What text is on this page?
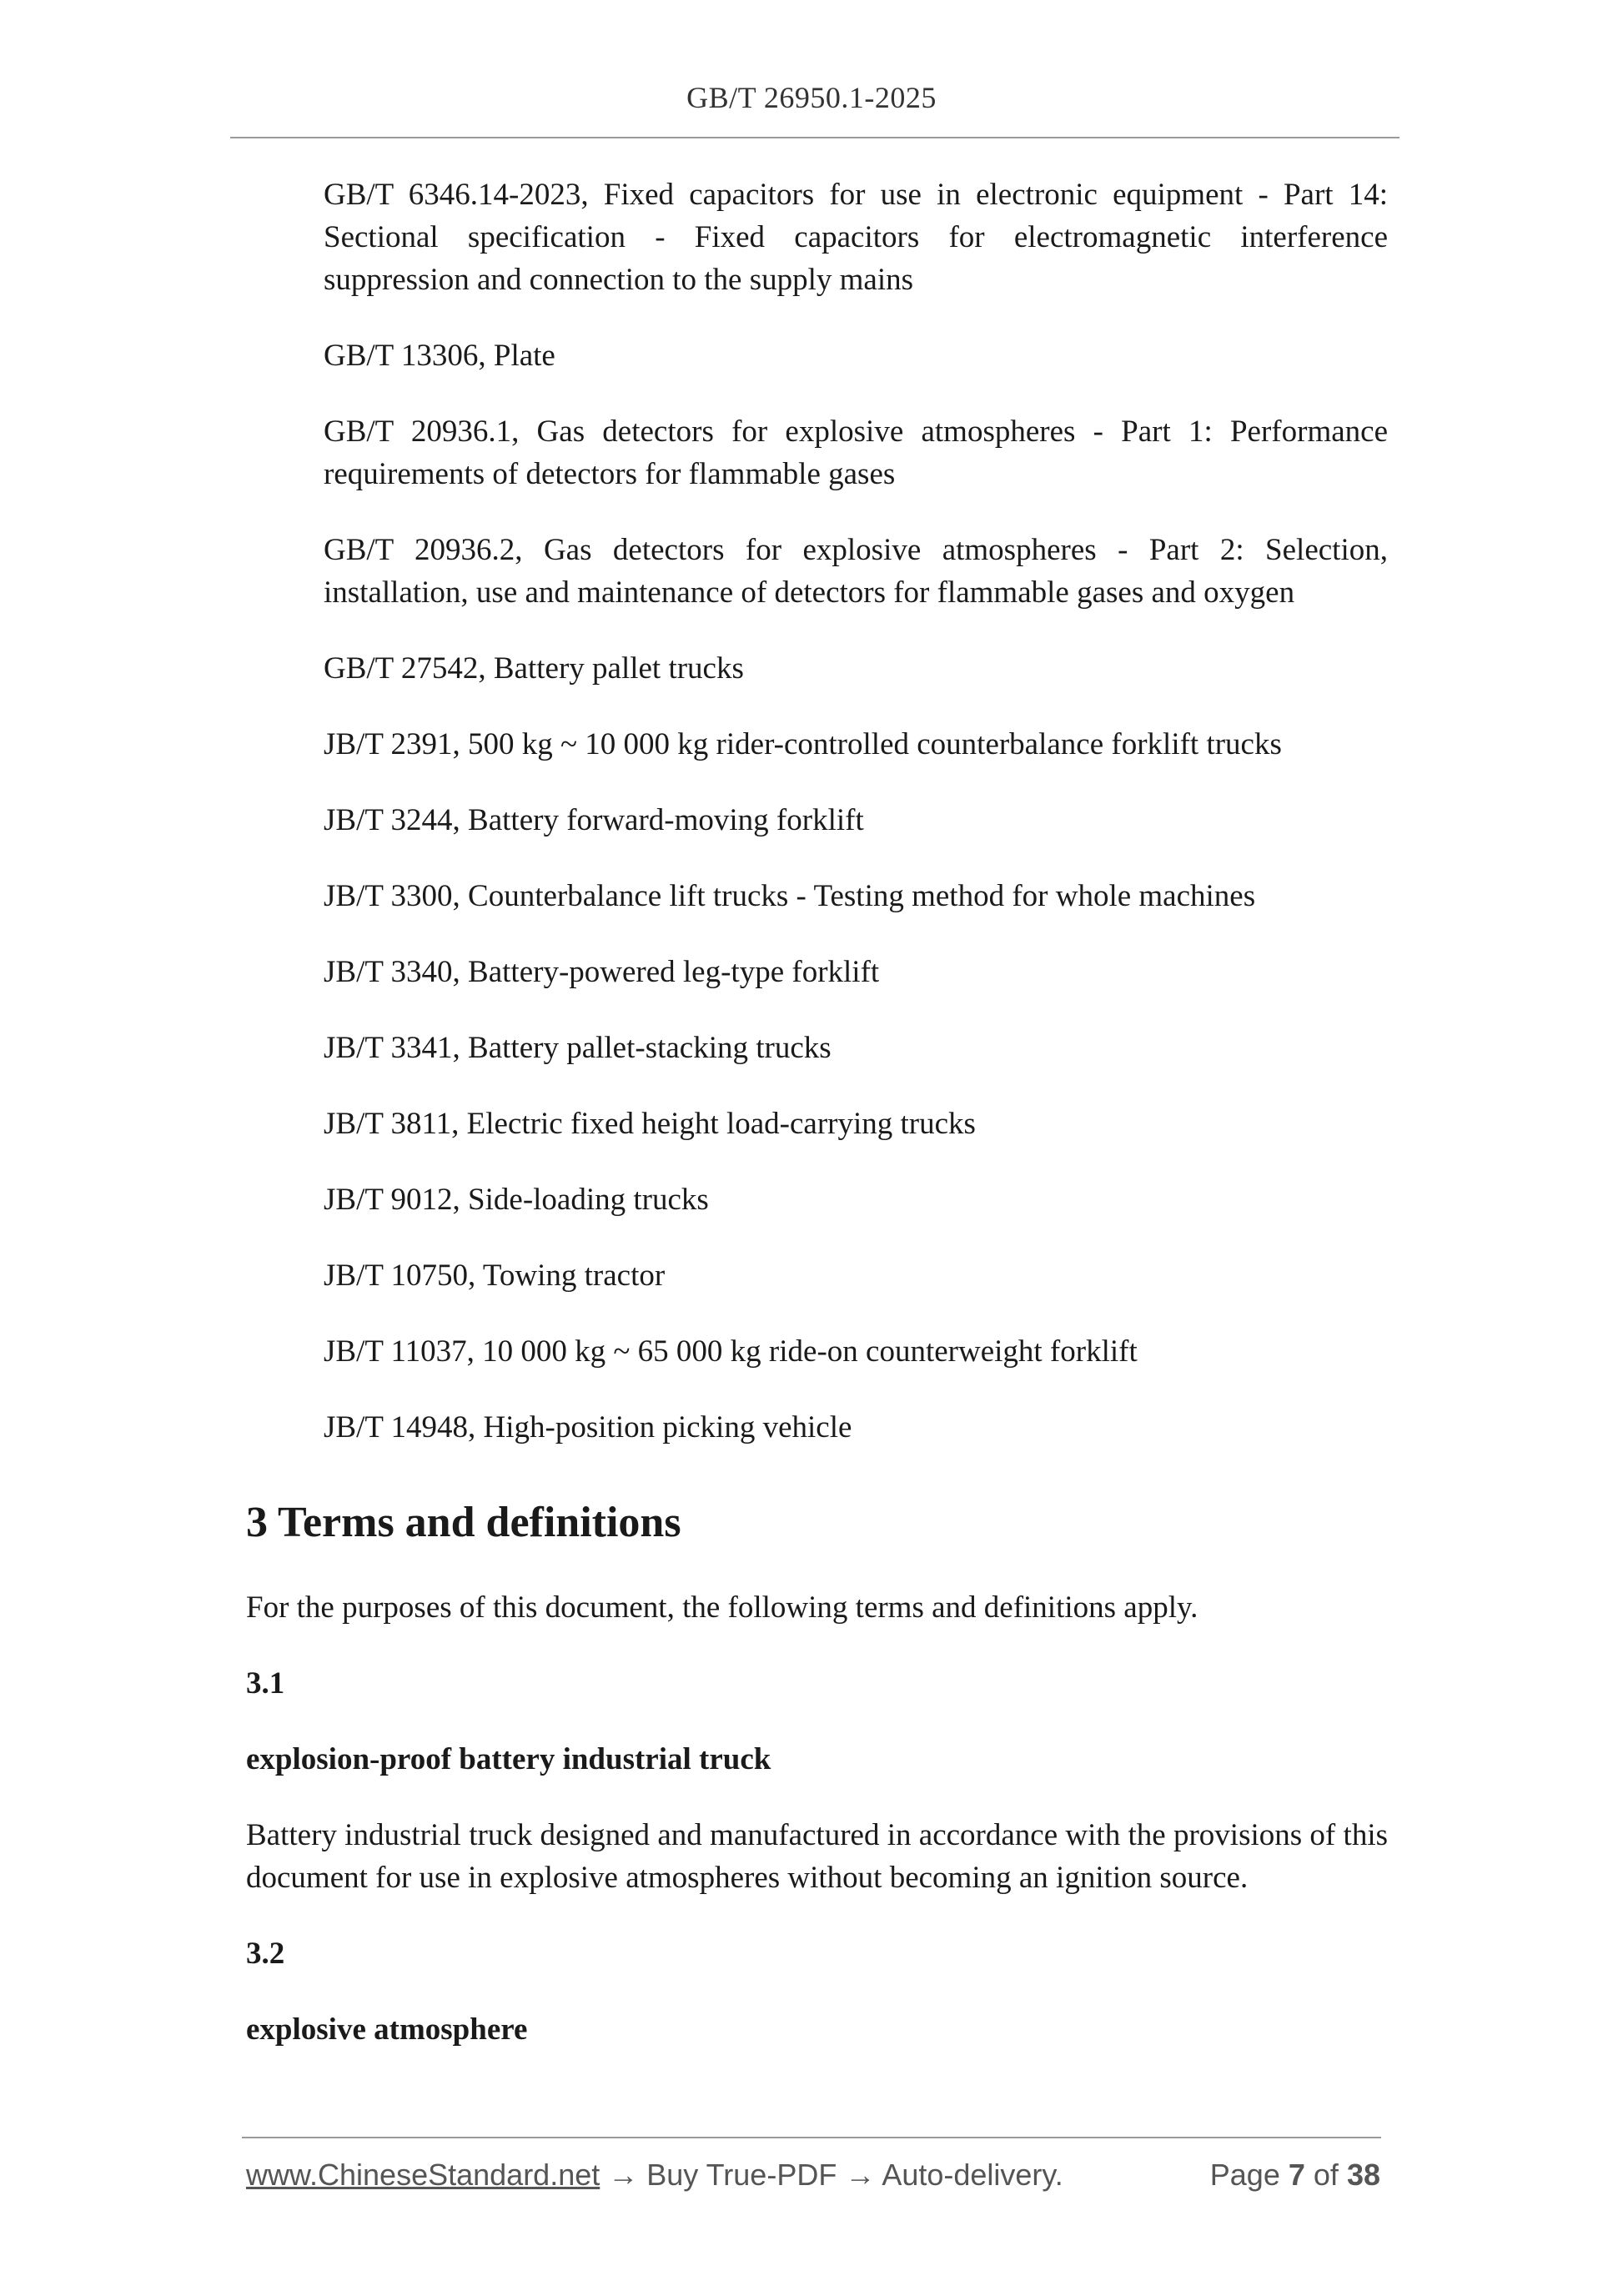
GB/T 26950.1-2025

GB/T 6346.14-2023, Fixed capacitors for use in electronic equipment - Part 14: Sectional specification - Fixed capacitors for electromagnetic interference suppression and connection to the supply mains

GB/T 13306, Plate

GB/T 20936.1, Gas detectors for explosive atmospheres - Part 1: Performance requirements of detectors for flammable gases

GB/T 20936.2, Gas detectors for explosive atmospheres - Part 2: Selection, installation, use and maintenance of detectors for flammable gases and oxygen

GB/T 27542, Battery pallet trucks

JB/T 2391, 500 kg ~ 10 000 kg rider-controlled counterbalance forklift trucks

JB/T 3244, Battery forward-moving forklift

JB/T 3300, Counterbalance lift trucks - Testing method for whole machines

JB/T 3340, Battery-powered leg-type forklift

JB/T 3341, Battery pallet-stacking trucks

JB/T 3811, Electric fixed height load-carrying trucks

JB/T 9012, Side-loading trucks

JB/T 10750, Towing tractor

JB/T 11037, 10 000 kg ~ 65 000 kg ride-on counterweight forklift

JB/T 14948, High-position picking vehicle

3 Terms and definitions

For the purposes of this document, the following terms and definitions apply.

3.1

explosion-proof battery industrial truck

Battery industrial truck designed and manufactured in accordance with the provisions of this document for use in explosive atmospheres without becoming an ignition source.

3.2

explosive atmosphere

www.ChineseStandard.net → Buy True-PDF → Auto-delivery.	Page 7 of 38
